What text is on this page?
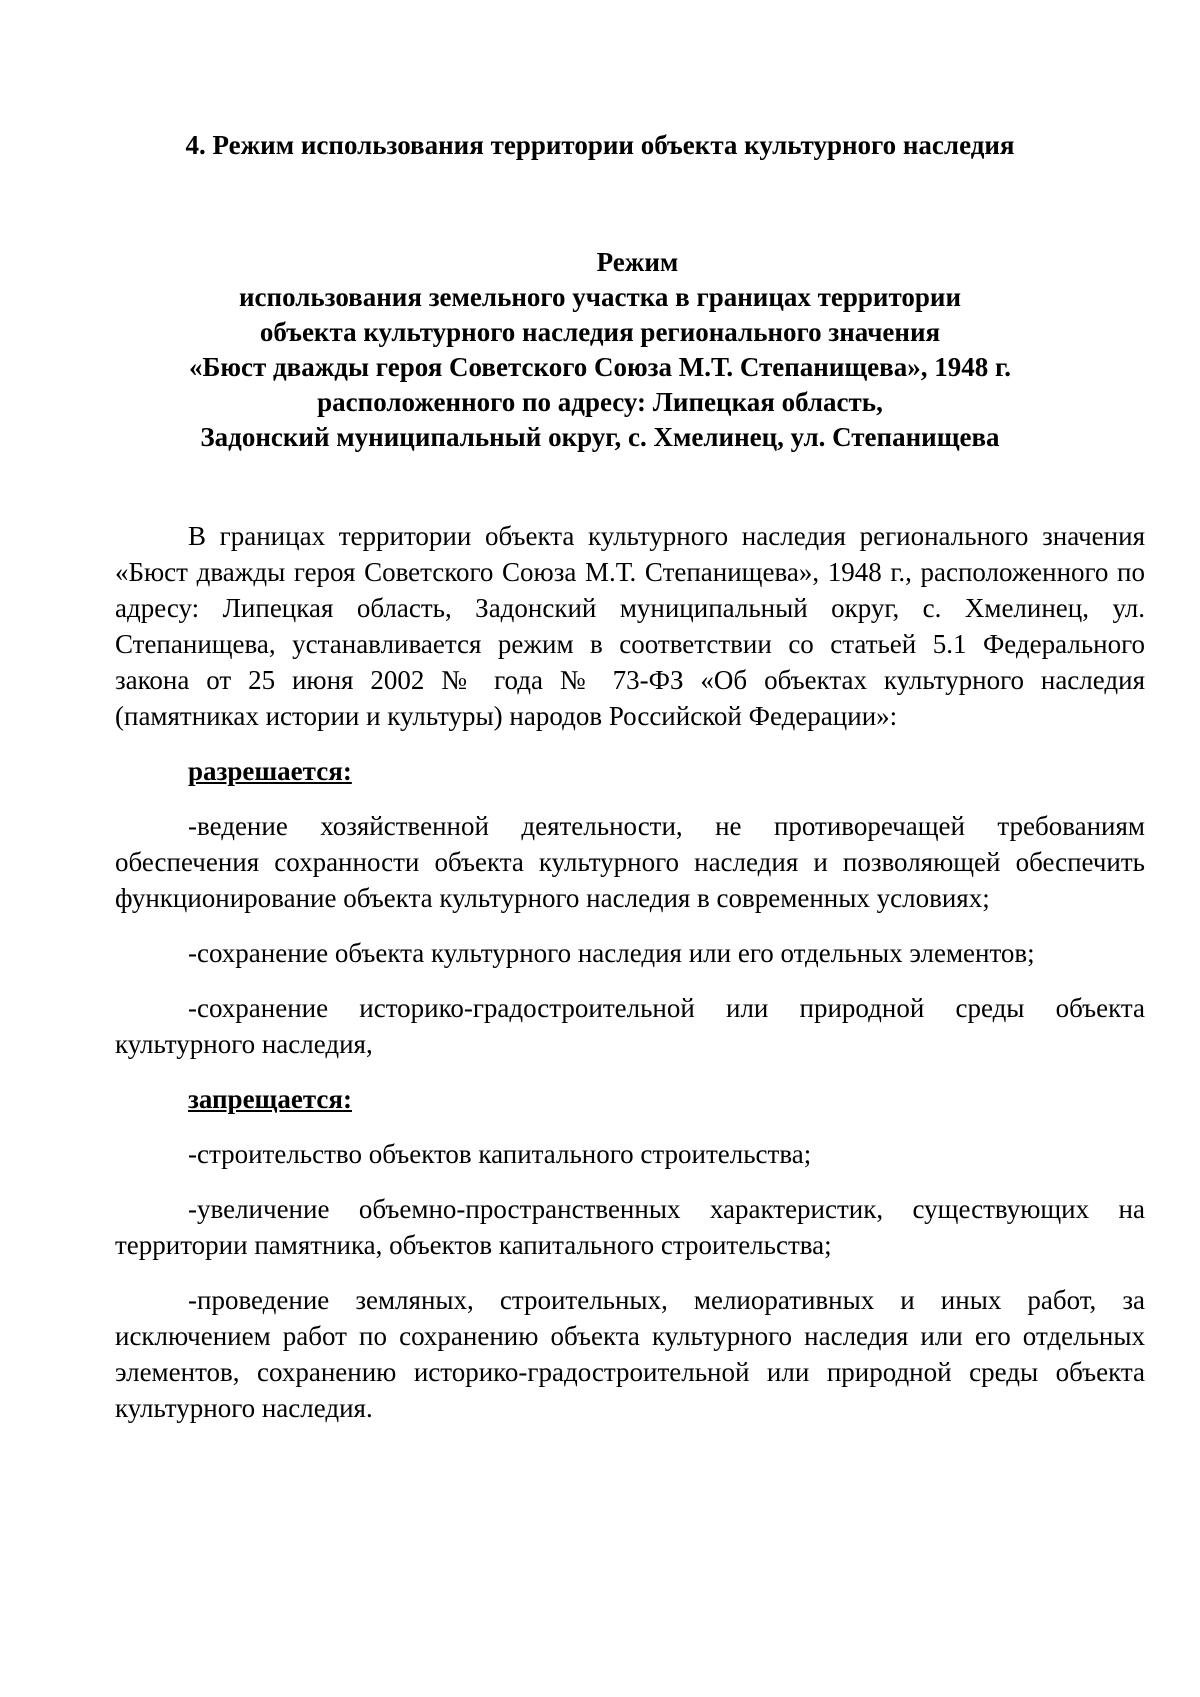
4. Режим использования территории объекта культурного наследия
Режим
использования земельного участка в границах территории
объекта культурного наследия регионального значения
«Бюст дважды героя Советского Союза М.Т. Степанищева», 1948 г.
расположенного по адресу: Липецкая область,
Задонский муниципальный округ, с. Хмелинец, ул. Степанищева

В границах территории объекта культурного наследия регионального значения «Бюст дважды героя Советского Союза М.Т. Степанищева», 1948 г., расположенного по адресу: Липецкая область, Задонский муниципальный округ, с. Хмелинец, ул. Степанищева, устанавливается режим в соответствии со статьей 5.1 Федерального закона от 25 июня 2002 № года № 73-ФЗ «Об объектах культурного наследия (памятниках истории и культуры) народов Российской Федерации»:

разрешается:

-ведение хозяйственной деятельности, не противоречащей требованиям обеспечения сохранности объекта культурного наследия и позволяющей обеспечить функционирование объекта культурного наследия в современных условиях;

-сохранение объекта культурного наследия или его отдельных элементов;

-сохранение историко-градостроительной или природной среды объекта культурного наследия,

запрещается:

-строительство объектов капитального строительства;

-увеличение объемно-пространственных характеристик, существующих на территории памятника, объектов капитального строительства;

-проведение земляных, строительных, мелиоративных и иных работ, за исключением работ по сохранению объекта культурного наследия или его отдельных элементов, сохранению историко-градостроительной или природной среды объекта культурного наследия.
